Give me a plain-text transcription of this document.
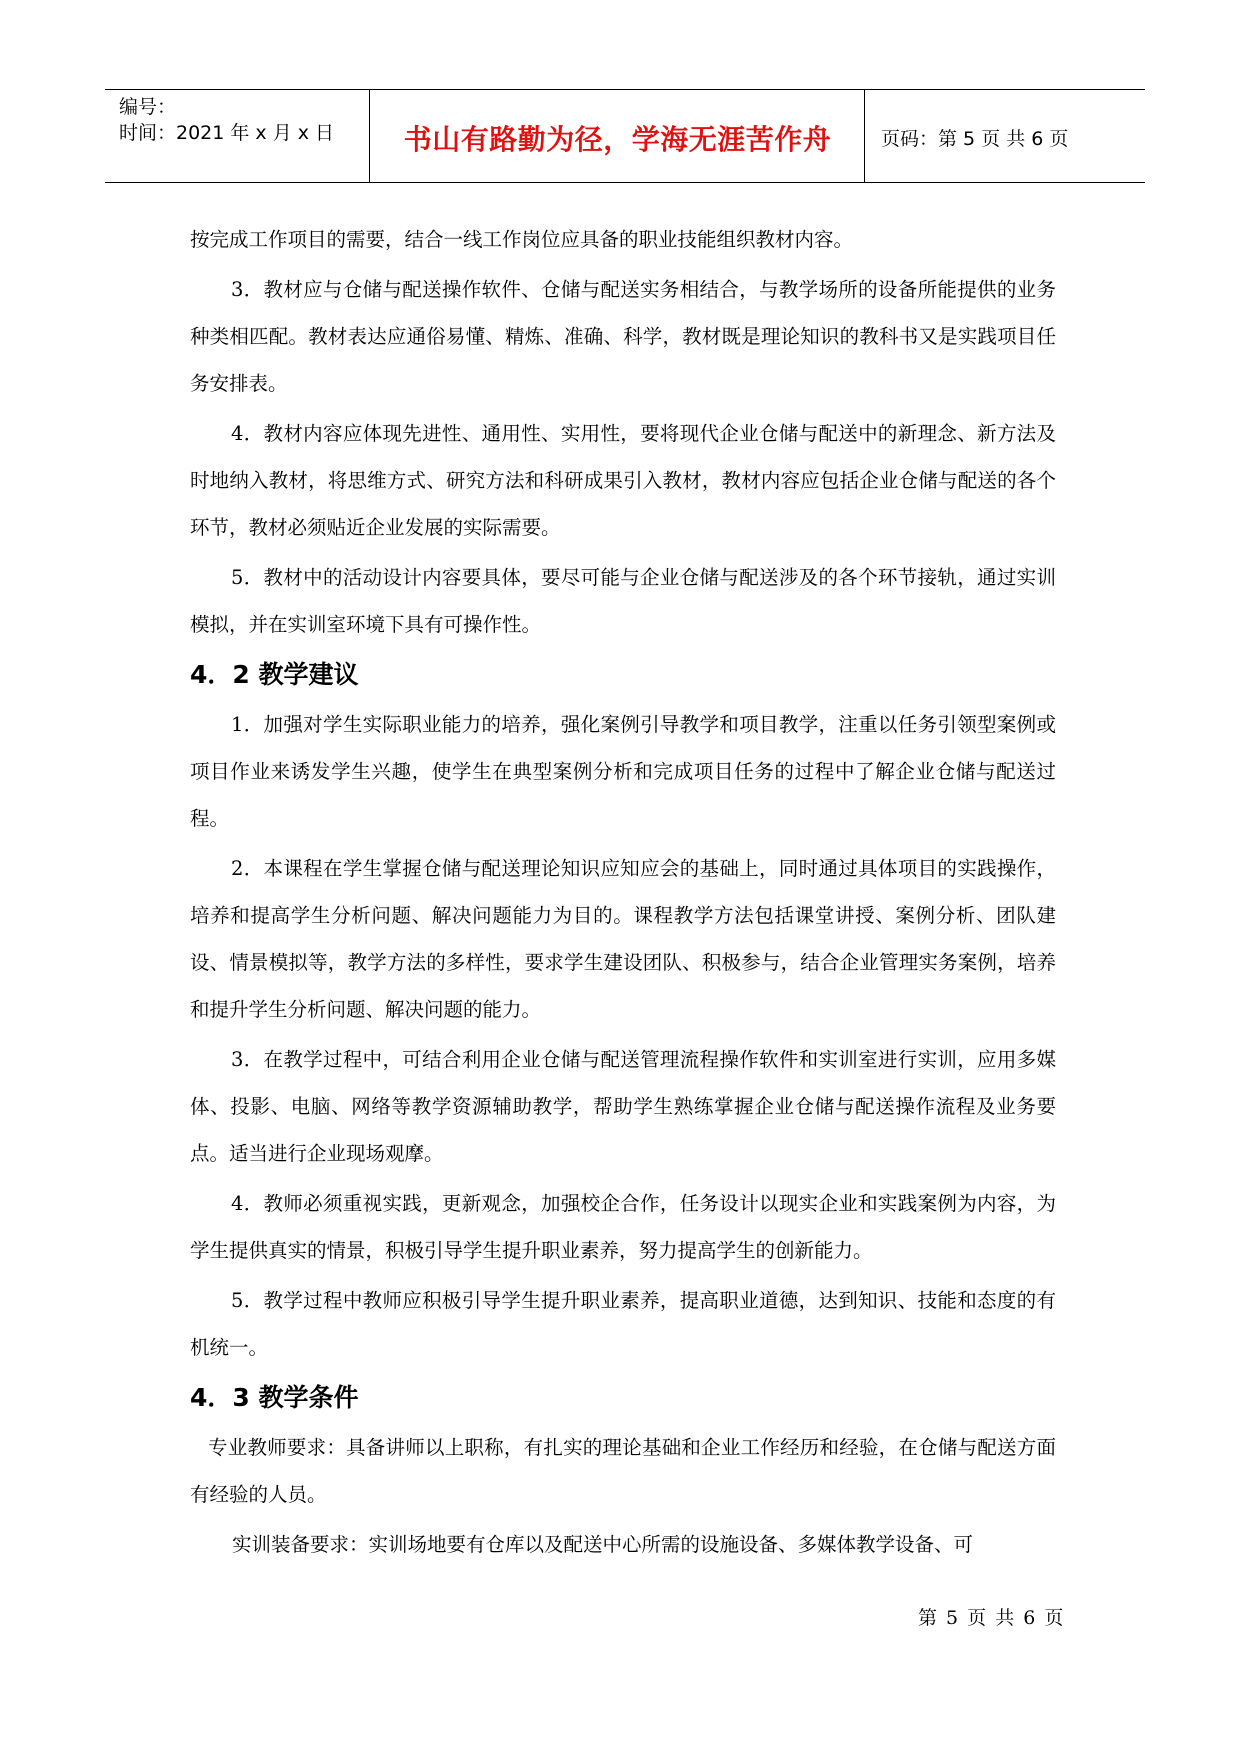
编号：
时间：2021 年 x 月 x 日 书山有路勤为径，学海无涯苦作舟	页码：第 5 页 共 6 页

按完成工作项目的需要，结合一线工作岗位应具备的职业技能组织教材内容。

3．教材应与仓储与配送操作软件、仓储与配送实务相结合，与教学场所的设备所能提供的业务种类相匹配。教材表达应通俗易懂、精炼、准确、科学，教材既是理论知识的教科书又是实践项目任务安排表。

4．教材内容应体现先进性、通用性、实用性，要将现代企业仓储与配送中的新理念、新方法及时地纳入教材，将思维方式、研究方法和科研成果引入教材，教材内容应包括企业仓储与配送的各个环节，教材必须贴近企业发展的实际需要。

5．教材中的活动设计内容要具体，要尽可能与企业仓储与配送涉及的各个环节接轨，通过实训模拟，并在实训室环境下具有可操作性。

4．2 教学建议

1．加强对学生实际职业能力的培养，强化案例引导教学和项目教学，注重以任务引领型案例或项目作业来诱发学生兴趣，使学生在典型案例分析和完成项目任务的过程中了解企业仓储与配送过程。

2．本课程在学生掌握仓储与配送理论知识应知应会的基础上，同时通过具体项目的实践操作，培养和提高学生分析问题、解决问题能力为目的。课程教学方法包括课堂讲授、案例分析、团队建设、情景模拟等，教学方法的多样性，要求学生建设团队、积极参与，结合企业管理实务案例，培养和提升学生分析问题、解决问题的能力。

3．在教学过程中，可结合利用企业仓储与配送管理流程操作软件和实训室进行实训，应用多媒体、投影、电脑、网络等教学资源辅助教学，帮助学生熟练掌握企业仓储与配送操作流程及业务要点。适当进行企业现场观摩。

4．教师必须重视实践，更新观念，加强校企合作，任务设计以现实企业和实践案例为内容，为学生提供真实的情景，积极引导学生提升职业素养，努力提高学生的创新能力。

5．教学过程中教师应积极引导学生提升职业素养，提高职业道德，达到知识、技能和态度的有机统一。

4．3 教学条件

专业教师要求：具备讲师以上职称，有扎实的理论基础和企业工作经历和经验，在仓储与配送方面有经验的人员。

实训装备要求：实训场地要有仓库以及配送中心所需的设施设备、多媒体教学设备、可

第 5 页 共 6 页
